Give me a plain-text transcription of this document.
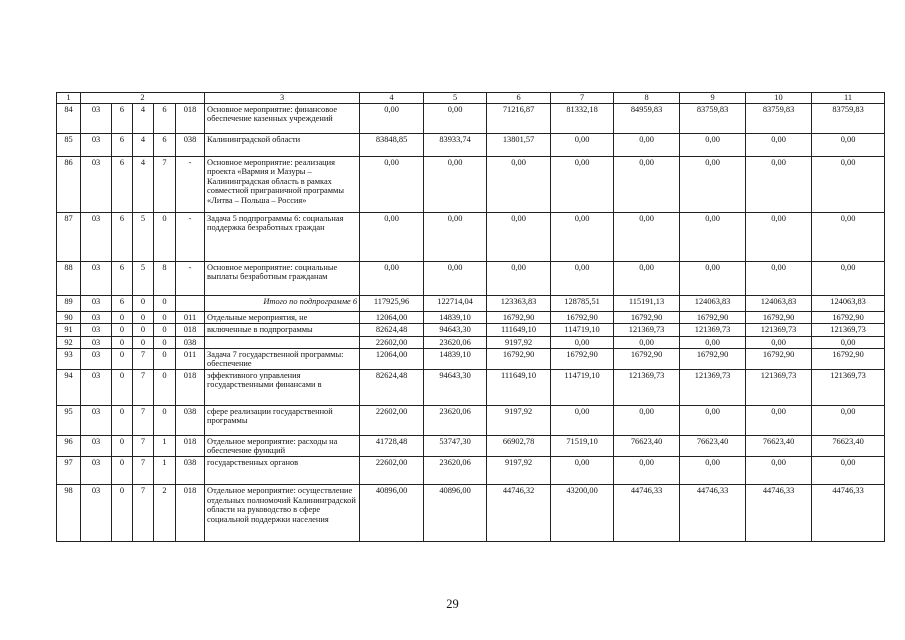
1	2					3	4	5	6	7	8	9	10	11
84	03	6	4	6	018	Основное мероприятие: финансовое обеспечение казенных учреждений	0,00	0,00	71216,87	81332,18	84959,83	83759,83	83759,83	83759,83
85	03	6	4	6	038	Калининградской области	83848,85	83933,74	13801,57	0,00	0,00	0,00	0,00	0,00
86	03	6	4	7	-	Основное мероприятие: реализация проекта «Вармия и Мазуры – Калининградская область в рамках совместной приграничной программы «Литва – Польша – Россия»	0,00	0,00	0,00	0,00	0,00	0,00	0,00	0,00
87	03	6	5	0	-	Задача 5 подпрограммы 6: социальная поддержка безработных граждан	0,00	0,00	0,00	0,00	0,00	0,00	0,00	0,00
88	03	6	5	8	-	Основное мероприятие: социальные выплаты безработным гражданам	0,00	0,00	0,00	0,00	0,00	0,00	0,00	0,00
89	03	6	0	0		Итого по подпрограмме 6	117925,96	122714,04	123363,83	128785,51	115191,13	124063,83	124063,83	124063,83
90	03	0	0	0	011	Отдельные мероприятия, не	12064,00	14839,10	16792,90	16792,90	16792,90	16792,90	16792,90	16792,90
91	03	0	0	0	018	включенные в подпрограммы	82624,48	94643,30	111649,10	114719,10	121369,73	121369,73	121369,73	121369,73
92	03	0	0	0	038		22602,00	23620,06	9197,92	0,00	0,00	0,00	0,00	0,00
93	03	0	7	0	011	Задача 7 государственной программы: обеспечение	12064,00	14839,10	16792,90	16792,90	16792,90	16792,90	16792,90	16792,90
94	03	0	7	0	018	эффективного управления государственными финансами в	82624,48	94643,30	111649,10	114719,10	121369,73	121369,73	121369,73	121369,73
95	03	0	7	0	038	сфере реализации государственной программы	22602,00	23620,06	9197,92	0,00	0,00	0,00	0,00	0,00
96	03	0	7	1	018	Отдельное мероприятие: расходы на обеспечение функций	41728,48	53747,30	66902,78	71519,10	76623,40	76623,40	76623,40	76623,40
97	03	0	7	1	038	государственных органов	22602,00	23620,06	9197,92	0,00	0,00	0,00	0,00	0,00
98	03	0	7	2	018	Отдельное мероприятие: осуществление отдельных полномочий Калининградской области на руководство в сфере социальной поддержки населения	40896,00	40896,00	44746,32	43200,00	44746,33	44746,33	44746,33	44746,33
29
